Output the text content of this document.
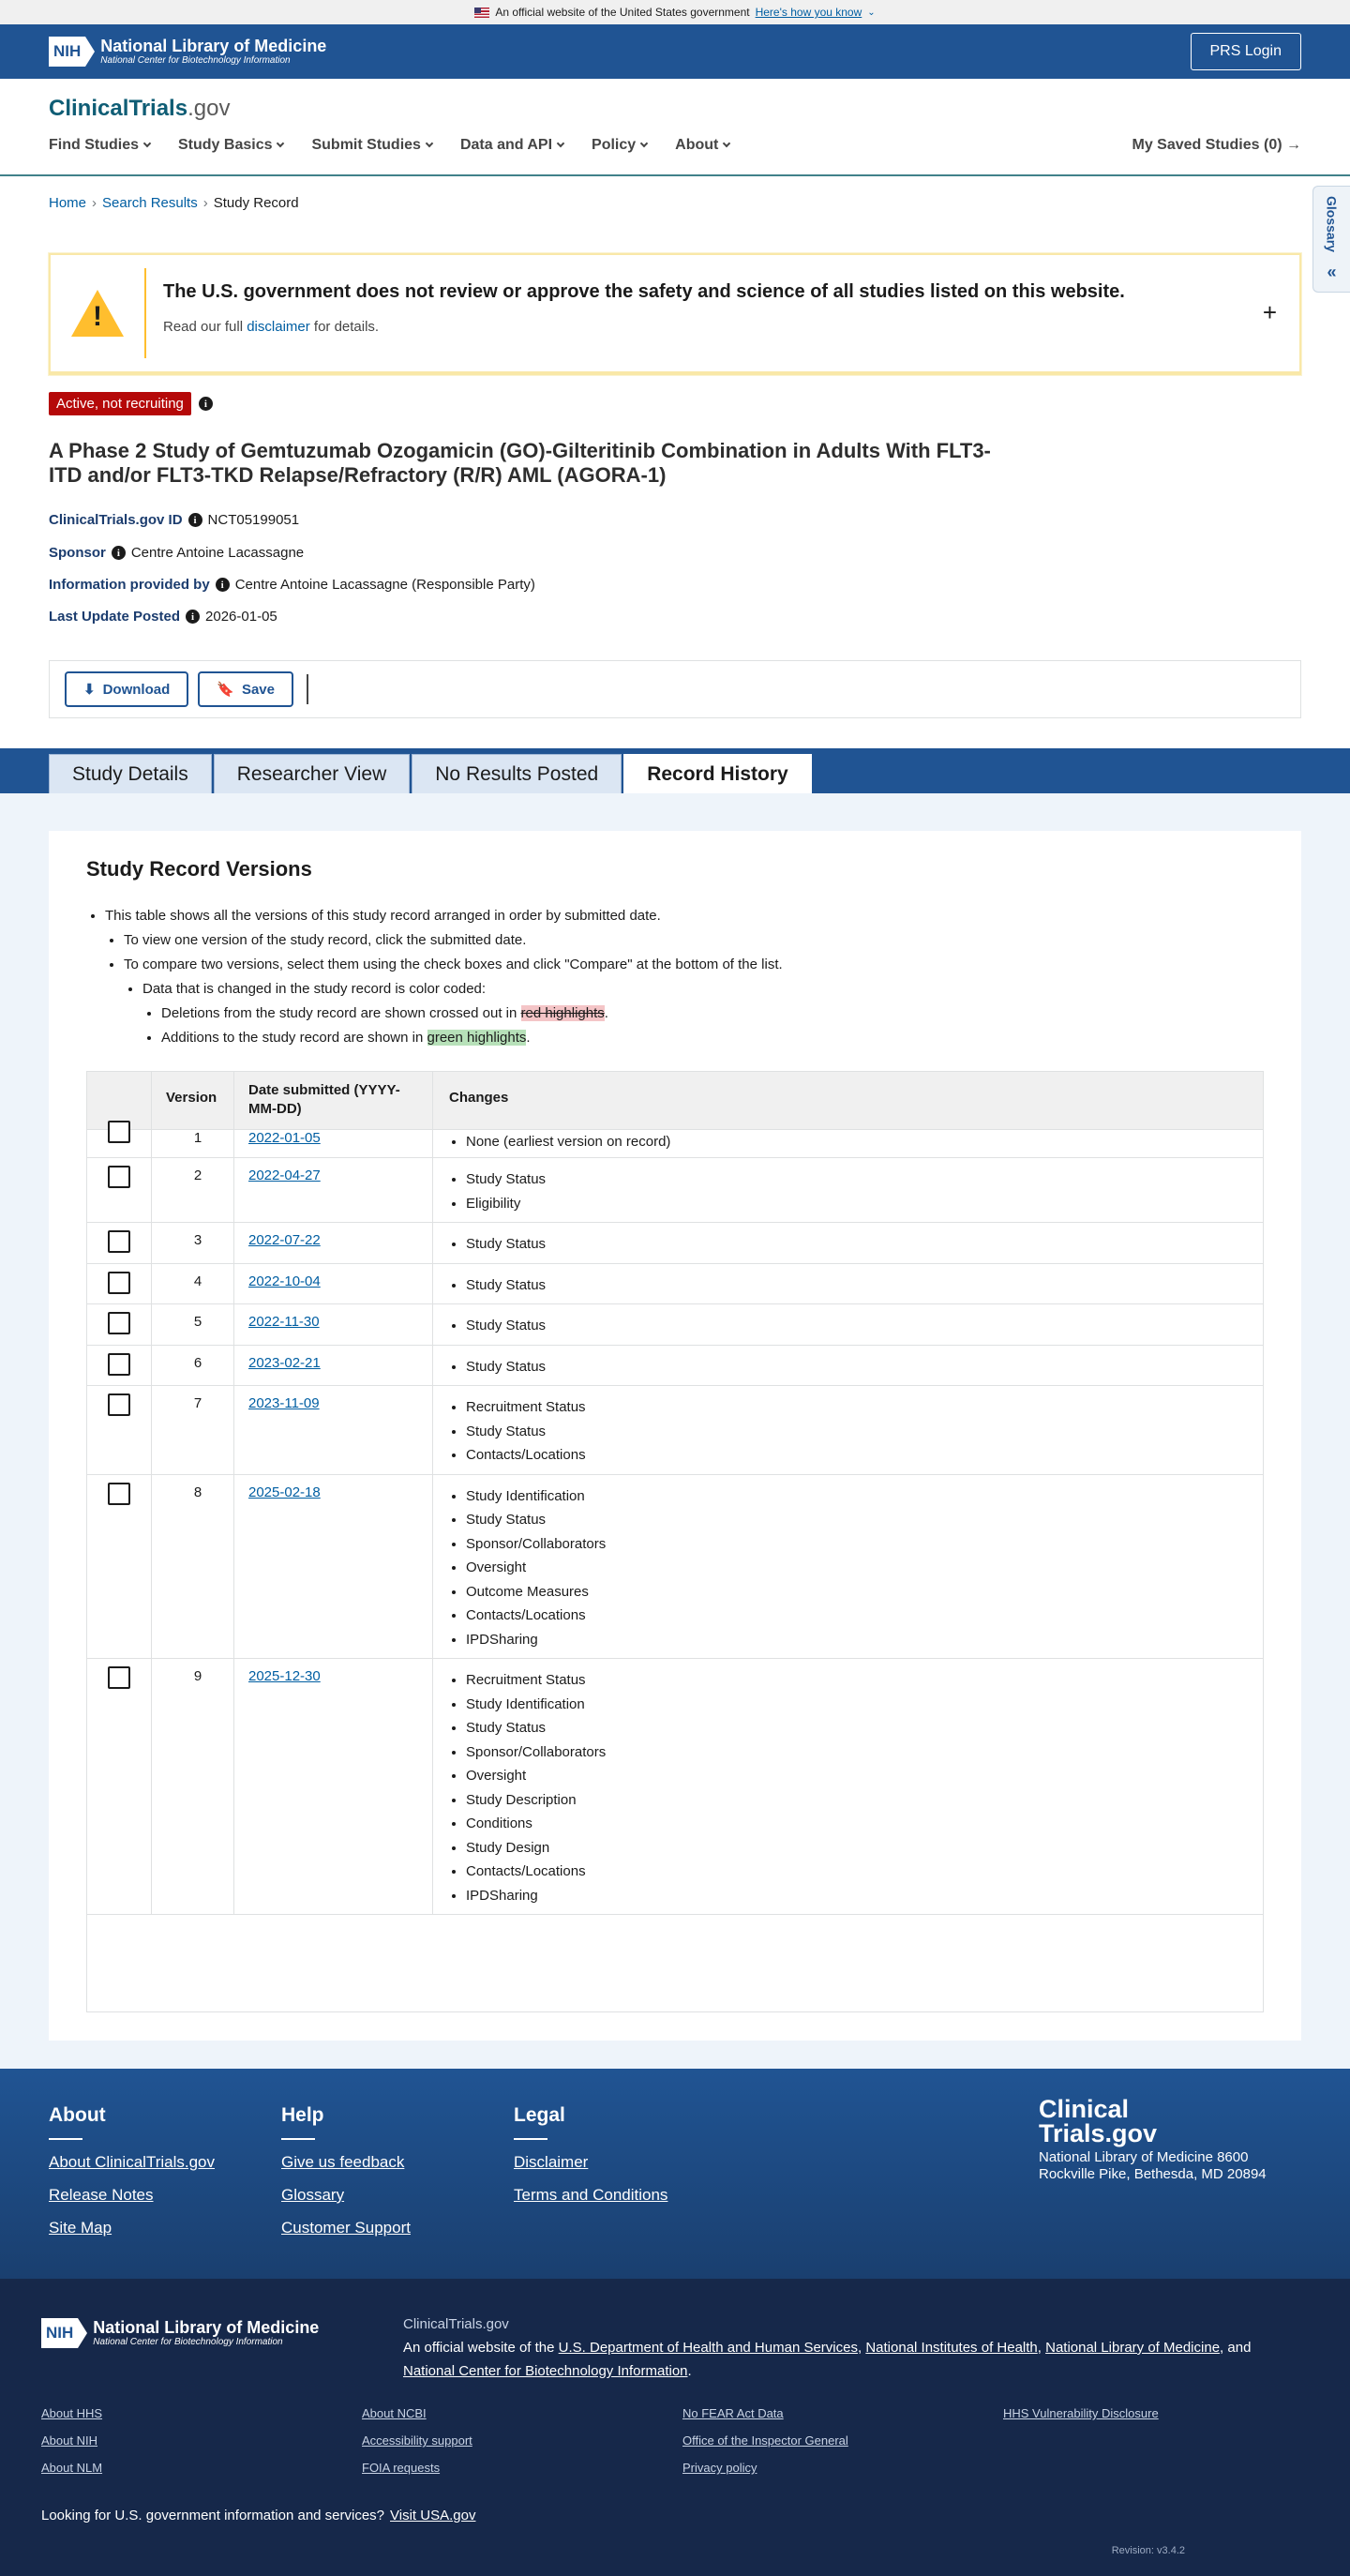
An official website of the United States government Here's how you know ⌄
NIH National Library of Medicine
National Center for Biotechnology Information
PRS Login
ClinicalTrials.gov
Find Studies	Study Basics	Submit Studies	Data and API	Policy	About	My Saved Studies (0) →
Home › Search Results › Study Record	Glossary
«
!
The U.S. government does not review or approve the safety and science of all studies listed on this website.
Read our full disclaimer for details.
+
Active, not recruiting	i
A Phase 2 Study of Gemtuzumab Ozogamicin (GO)-Gilteritinib Combination in Adults With FLT3-ITD and/or FLT3-TKD Relapse/Refractory (R/R) AML (AGORA-1)
ClinicalTrials.gov ID	i NCT05199051
Sponsor	i Centre Antoine Lacassagne
Information provided by	i Centre Antoine Lacassagne (Responsible Party)
Last Update Posted	i 2026-01-05
⬇ Download	🔖 Save
Study Details	Researcher View	No Results Posted	Record History
Study Record Versions
• This table shows all the versions of this study record arranged in order by submitted date.
• To view one version of the study record, click the submitted date.
• To compare two versions, select them using the check boxes and click "Compare" at the bottom of the list.
• Data that is changed in the study record is color coded:
• Deletions from the study record are shown crossed out in red highlights.
• Additions to the study record are shown in green highlights.
Version Date submitted (YYYY-MM-DD)
Changes
1	2022-01-05	• None (earliest version on record)
2	2022-04-27	• Study Status
• Eligibility
3	2022-07-22	• Study Status
4	2022-10-04	• Study Status
5	2022-11-30	• Study Status
6	2023-02-21	• Study Status
7	2023-11-09	• Recruitment Status
• Study Status
• Contacts/Locations
8	2025-02-18	• Study Identification
• Study Status
• Sponsor/Collaborators
• Oversight
• Outcome Measures
• Contacts/Locations
• IPDSharing
9	2025-12-30	• Recruitment Status
• Study Identification
• Study Status
• Sponsor/Collaborators
• Oversight
• Study Description
• Conditions
• Study Design
• Contacts/Locations
• IPDSharing
About
About ClinicalTrials.gov
Release Notes
Site Map
Help
Give us feedback
Glossary
Customer Support
Legal
Disclaimer
Terms and Conditions
Clinical
Trials.gov
National Library of Medicine 8600 Rockville Pike, Bethesda, MD 20894
NIH National Library of Medicine
National Center for Biotechnology Information
ClinicalTrials.gov
An official website of the U.S. Department of Health and Human Services, National Institutes of Health, National Library of Medicine, and National Center for Biotechnology Information.
About HHS
About NIH
About NLM
About NCBI
Accessibility support
FOIA requests
No FEAR Act Data
Office of the Inspector General
Privacy policy
HHS Vulnerability Disclosure
Looking for U.S. government information and services? Visit USA.gov
Revision: v3.4.2
